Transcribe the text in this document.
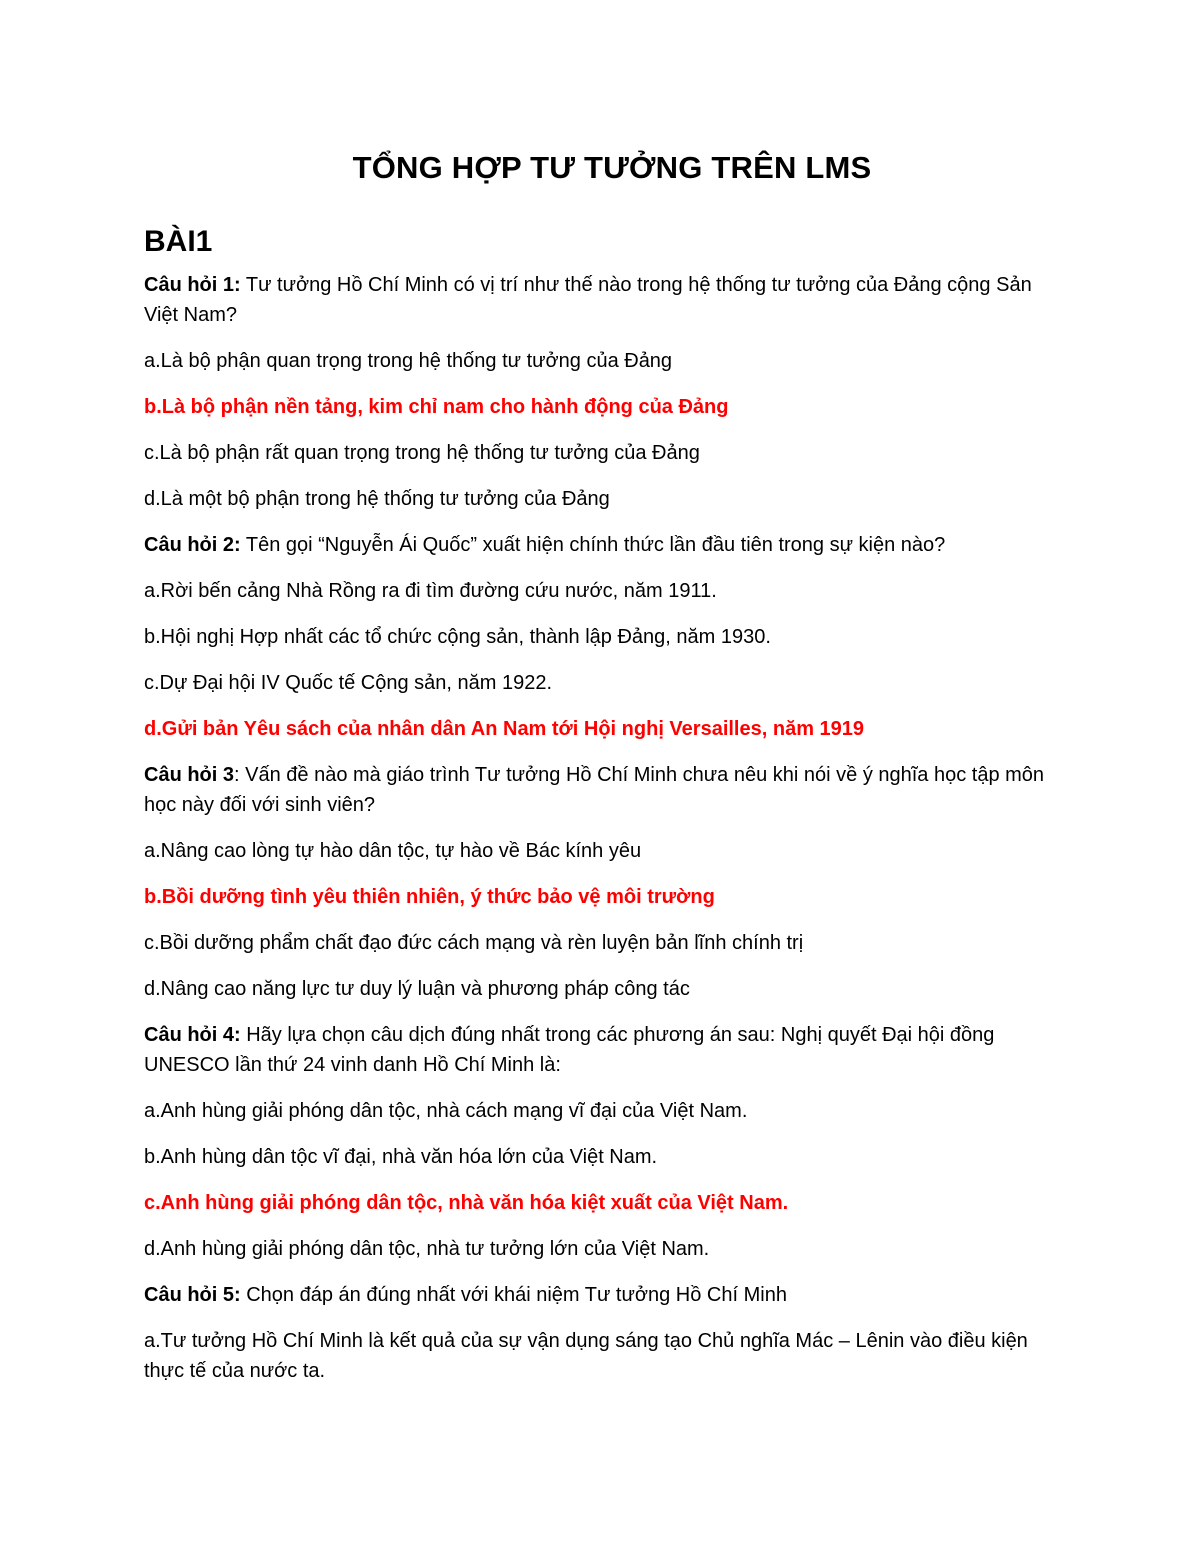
TỔNG HỢP TƯ TƯỞNG TRÊN LMS
BÀI1
Câu hỏi 1: Tư tưởng Hồ Chí Minh có vị trí như thế nào trong hệ thống tư tưởng của Đảng cộng Sản Việt Nam?
a.Là bộ phận quan trọng trong hệ thống tư tưởng của Đảng
b.Là bộ phận nền tảng, kim chỉ nam cho hành động của Đảng
c.Là bộ phận rất quan trọng trong hệ thống tư tưởng của Đảng
d.Là một bộ phận trong hệ thống tư tưởng của Đảng
Câu hỏi 2: Tên gọi “Nguyễn Ái Quốc” xuất hiện chính thức lần đầu tiên trong sự kiện nào?
a.Rời bến cảng Nhà Rồng ra đi tìm đường cứu nước, năm 1911.
b.Hội nghị Hợp nhất các tổ chức cộng sản, thành lập Đảng, năm 1930.
c.Dự Đại hội IV Quốc tế Cộng sản, năm 1922.
d.Gửi bản Yêu sách của nhân dân An Nam tới Hội nghị Versailles, năm 1919
Câu hỏi 3: Vấn đề nào mà giáo trình Tư tưởng Hồ Chí Minh chưa nêu khi nói về ý nghĩa học tập môn học này đối với sinh viên?
a.Nâng cao lòng tự hào dân tộc, tự hào về Bác kính yêu
b.Bồi dưỡng tình yêu thiên nhiên, ý thức bảo vệ môi trường
c.Bồi dưỡng phẩm chất đạo đức cách mạng và rèn luyện bản lĩnh chính trị
d.Nâng cao năng lực tư duy lý luận và phương pháp công tác
Câu hỏi 4: Hãy lựa chọn câu dịch đúng nhất trong các phương án sau: Nghị quyết Đại hội đồng UNESCO lần thứ 24 vinh danh Hồ Chí Minh là:
a.Anh hùng giải phóng dân tộc, nhà cách mạng vĩ đại của Việt Nam.
b.Anh hùng dân tộc vĩ đại, nhà văn hóa lớn của Việt Nam.
c.Anh hùng giải phóng dân tộc, nhà văn hóa kiệt xuất của Việt Nam.
d.Anh hùng giải phóng dân tộc, nhà tư tưởng lớn của Việt Nam.
Câu hỏi 5: Chọn đáp án đúng nhất với khái niệm Tư tưởng Hồ Chí Minh
a.Tư tưởng Hồ Chí Minh là kết quả của sự vận dụng sáng tạo Chủ nghĩa Mác – Lênin vào điều kiện thực tế của nước ta.
